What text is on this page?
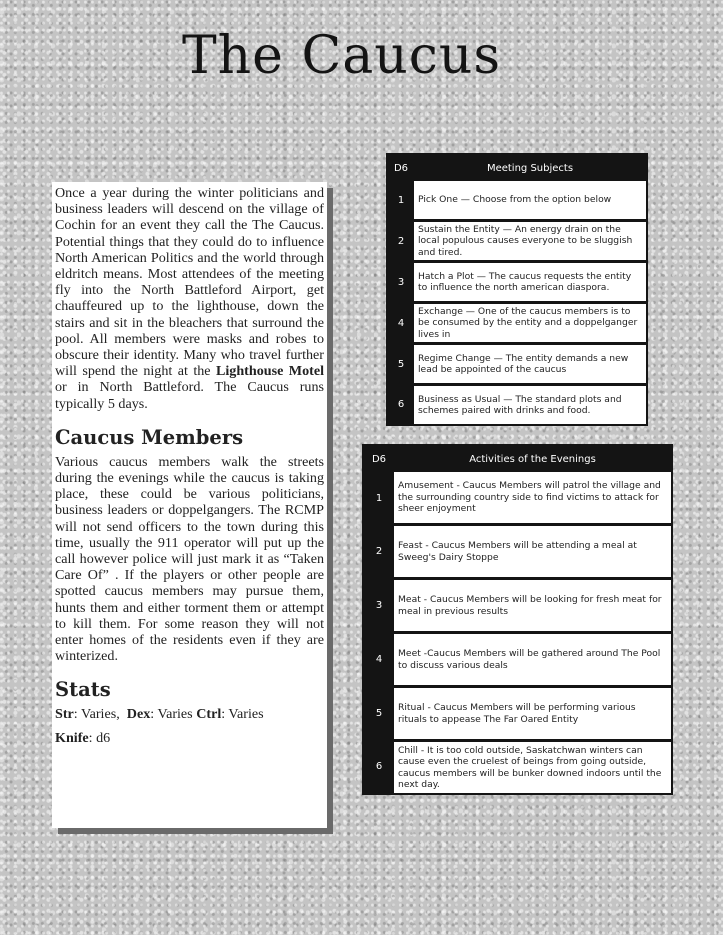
The Caucus

Once a year during the winter politicians and business leaders will descend on the village of Cochin for an event they call the The Caucus. Potential things that they could do to influence North American Politics and the world through eldritch means. Most attendees of the meeting fly into the North Battleford Airport, get chauffeured up to the lighthouse, down the stairs and sit in the bleachers that surround the pool. All members were masks and robes to obscure their identity. Many who travel further will spend the night at the Lighthouse Motel or in North Battleford. The Caucus runs typically 5 days.

Caucus Members

Various caucus members walk the streets during the evenings while the caucus is taking place, these could be various politicians, business leaders or doppelgangers. The RCMP will not send officers to the town during this time, usually the 911 operator will put up the call however police will just mark it as “Taken Care Of” . If the players or other people are spotted caucus members may pursue them, hunts them and either torment them or attempt to kill them. For some reason they will not enter homes of the residents even if they are winterized.

Stats

Str: Varies,  Dex: Varies Ctrl: Varies

Knife: d6

D6	Meeting Subjects
1	Pick One — Choose from the option below
2	Sustain the Entity — An energy drain on the local populous causes everyone to be sluggish and tired.
3	Hatch a Plot — The caucus requests the entity to influence the north american diaspora.
4	Exchange — One of the caucus members is to be consumed by the entity and a doppelganger lives in
5	Regime Change — The entity demands a new lead be appointed of the caucus
6	Business as Usual — The standard plots and schemes paired with drinks and food.
D6	Activities of the Evenings
1	Amusement - Caucus Members will patrol the village and the surrounding country side to find victims to attack for sheer enjoyment
2	Feast - Caucus Members will be attending a meal at Sweeg's Dairy Stoppe
3	Meat - Caucus Members will be looking for fresh meat for meal in previous results
4	Meet -Caucus Members will be gathered around The Pool to discuss various deals
5	Ritual - Caucus Members will be performing various rituals to appease The Far Oared Entity
6	Chill - It is too cold outside, Saskatchwan winters can cause even the cruelest of beings from going outside, caucus members will be bunker downed indoors until the next day.
